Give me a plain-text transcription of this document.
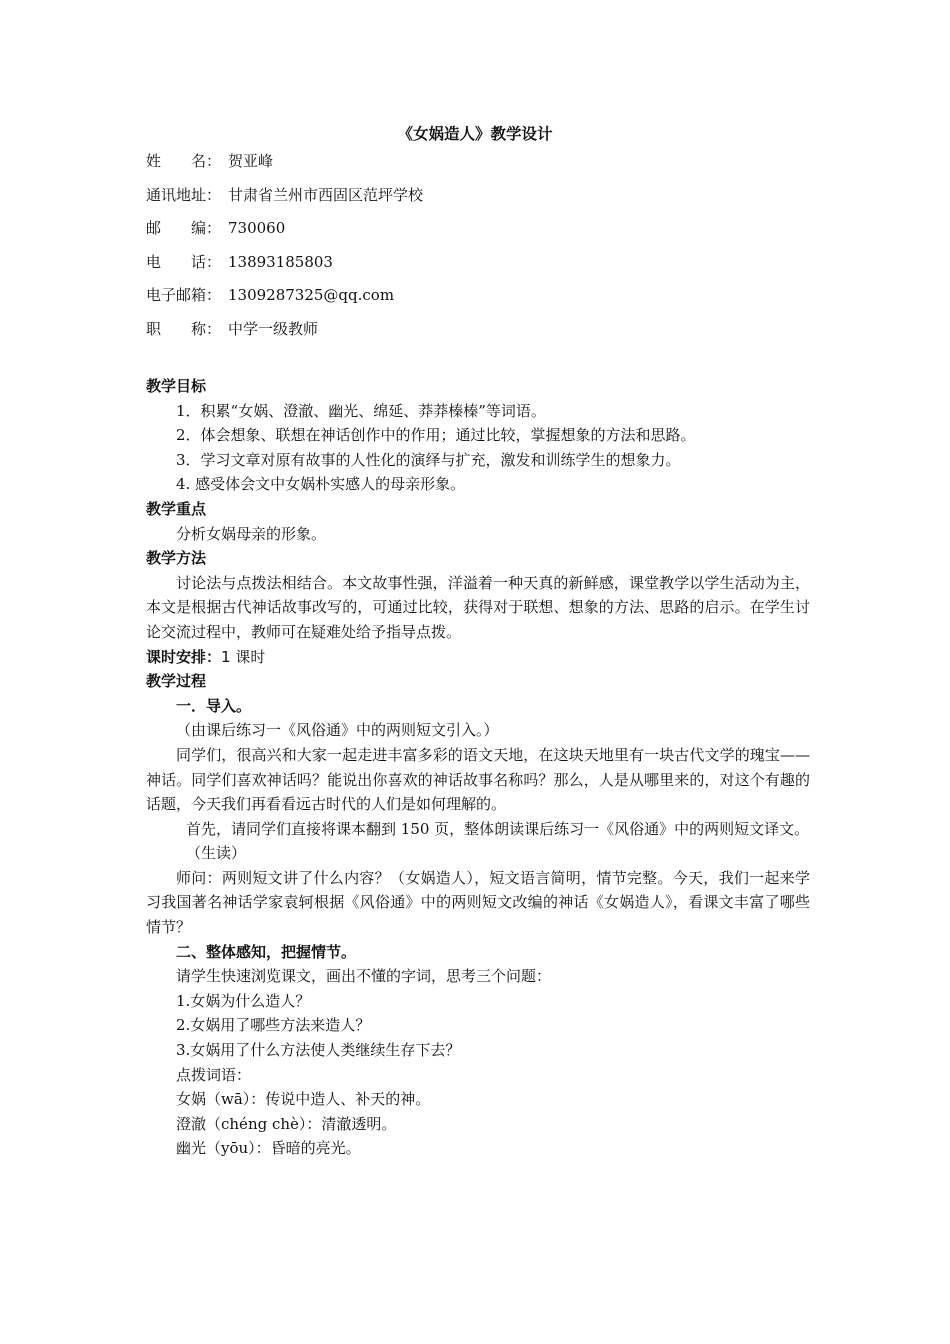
《女娲造人》教学设计
姓　　名： 贺亚峰
通讯地址： 甘肃省兰州市西固区范坪学校
邮　　编： 730060
电　　话： 13893185803
电子邮箱： 1309287325@qq.com
职　　称： 中学一级教师

教学目标

1．积累“女娲、澄澈、幽光、绵延、莽莽榛榛”等词语。

2．体会想象、联想在神话创作中的作用；通过比较，掌握想象的方法和思路。

3．学习文章对原有故事的人性化的演绎与扩充，激发和训练学生的想象力。

4. 感受体会文中女娲朴实感人的母亲形象。

教学重点

分析女娲母亲的形象。

教学方法

讨论法与点拨法相结合。本文故事性强，洋溢着一种天真的新鲜感，课堂教学以学生活动为主，本文是根据古代神话故事改写的，可通过比较，获得对于联想、想象的方法、思路的启示。在学生讨论交流过程中，教师可在疑难处给予指导点拨。

课时安排：1 课时

教学过程

一．导入。

（由课后练习一《风俗通》中的两则短文引入。）

同学们，很高兴和大家一起走进丰富多彩的语文天地，在这块天地里有一块古代文学的瑰宝——神话。同学们喜欢神话吗？能说出你喜欢的神话故事名称吗？那么，人是从哪里来的，对这个有趣的话题，今天我们再看看远古时代的人们是如何理解的。

首先，请同学们直接将课本翻到 150 页，整体朗读课后练习一《风俗通》中的两则短文译文。

（生读）

师问：两则短文讲了什么内容？（女娲造人），短文语言简明，情节完整。今天，我们一起来学习我国著名神话学家袁轲根据《风俗通》中的两则短文改编的神话《女娲造人》，看课文丰富了哪些情节？

二、整体感知，把握情节。

请学生快速浏览课文，画出不懂的字词，思考三个问题：

1.女娲为什么造人？

2.女娲用了哪些方法来造人？

3.女娲用了什么方法使人类继续生存下去？

点拨词语：

女娲（wā）：传说中造人、补天的神。

澄澈（chéng chè）：清澈透明。

幽光（yōu）：昏暗的亮光。
